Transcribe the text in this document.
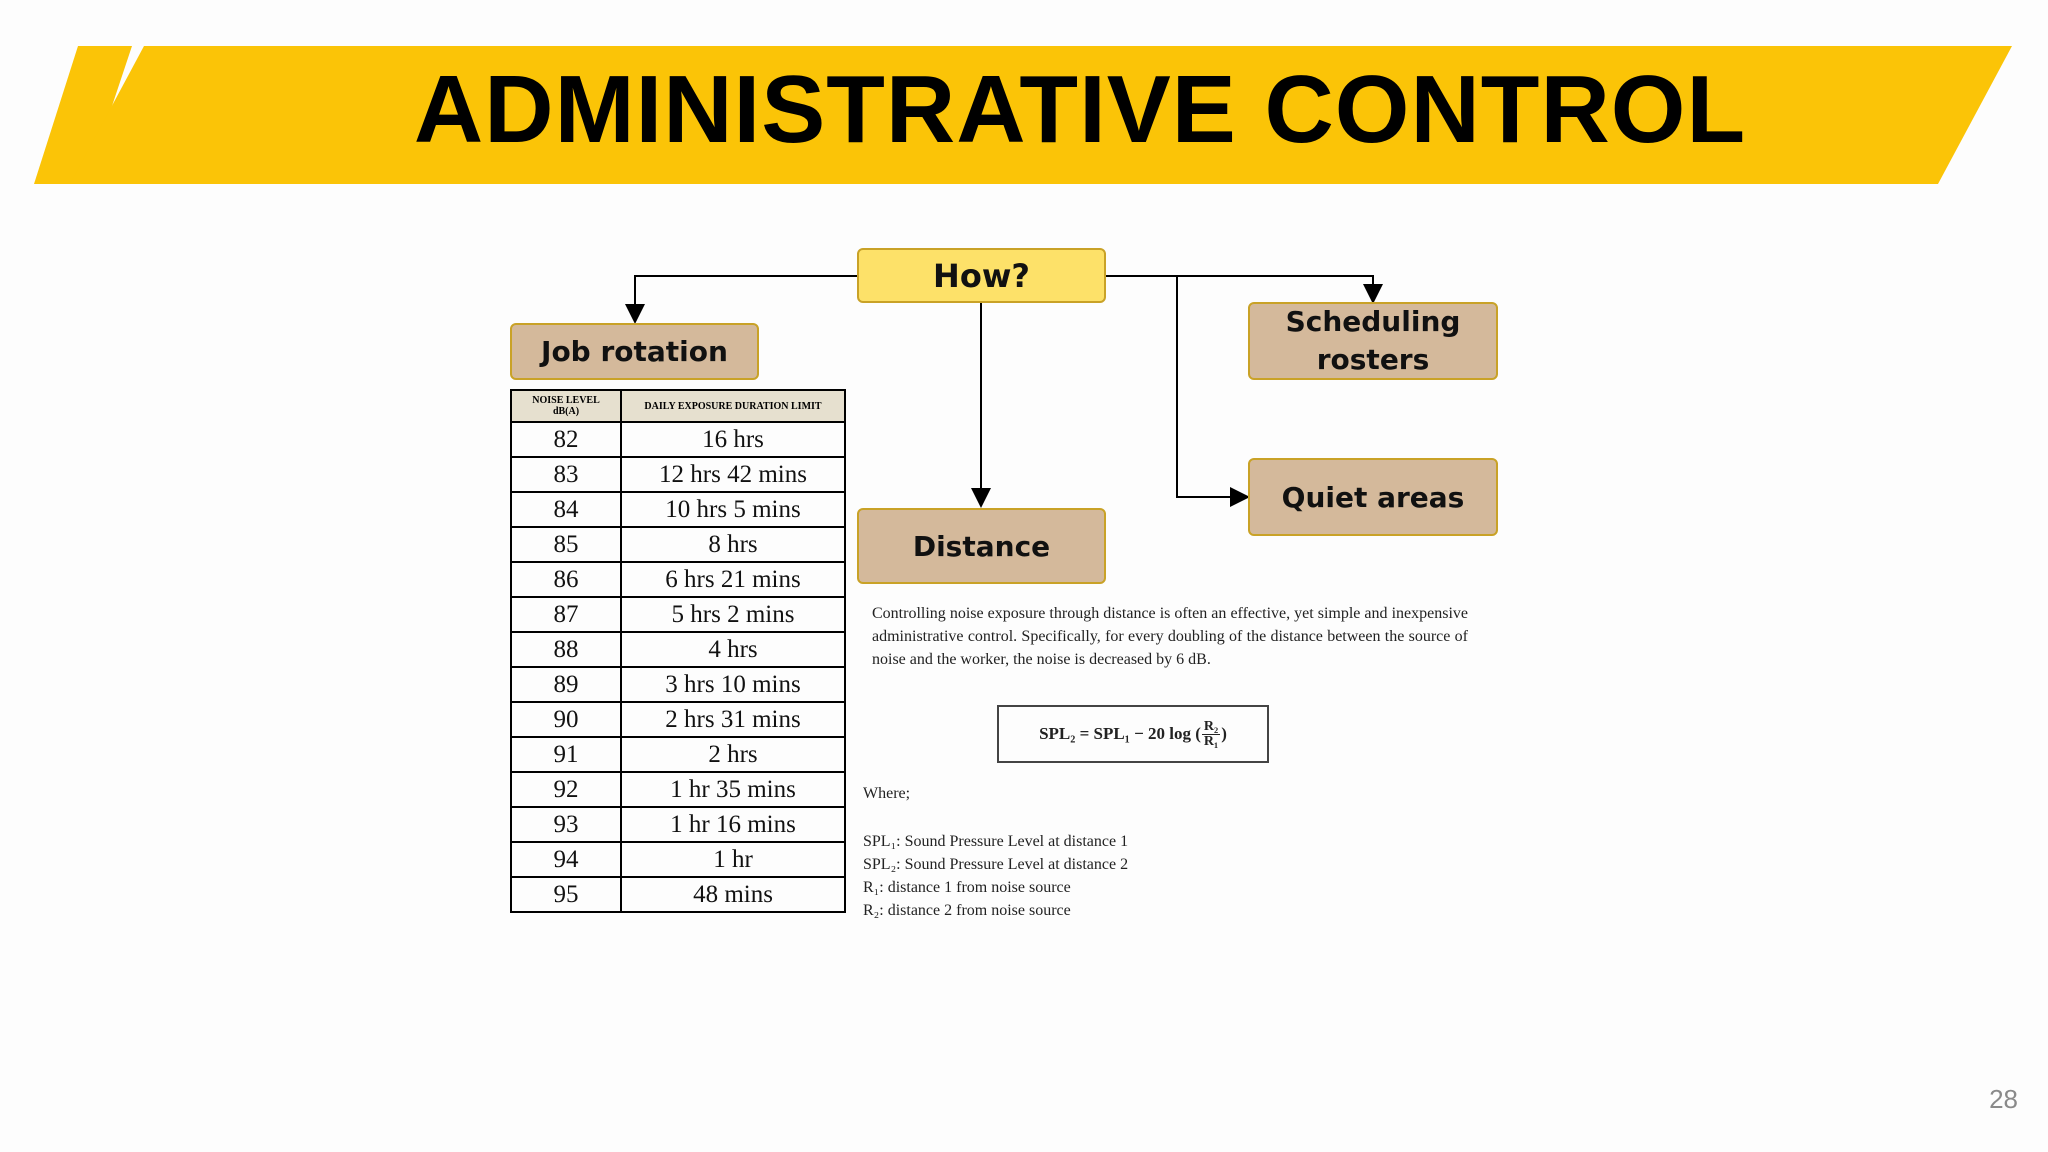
ADMINISTRATIVE CONTROL
How?
Job rotation
Scheduling
rosters
Quiet areas
Distance
NOISE LEVEL
dB(A)	DAILY EXPOSURE DURATION LIMIT
82	16 hrs
83	12 hrs 42 mins
84	10 hrs 5 mins
85	8 hrs
86	6 hrs 21 mins
87	5 hrs 2 mins
88	4 hrs
89	3 hrs 10 mins
90	2 hrs 31 mins
91	2 hrs
92	1 hr 35 mins
93	1 hr 16 mins
94	1 hr
95	48 mins
Controlling noise exposure through distance is often an effective, yet simple and inexpensive administrative control. Specifically, for every doubling of the distance between the source of noise and the worker, the noise is decreased by 6 dB.
SPL₂ = SPL₁ − 20 log ( $\frac{\text{R₂}}{\text{R₁}}$ )
Where;
SPL₁: Sound Pressure Level at distance 1
SPL₂: Sound Pressure Level at distance 2
R₁: distance 1 from noise source
R₂: distance 2 from noise source
28
